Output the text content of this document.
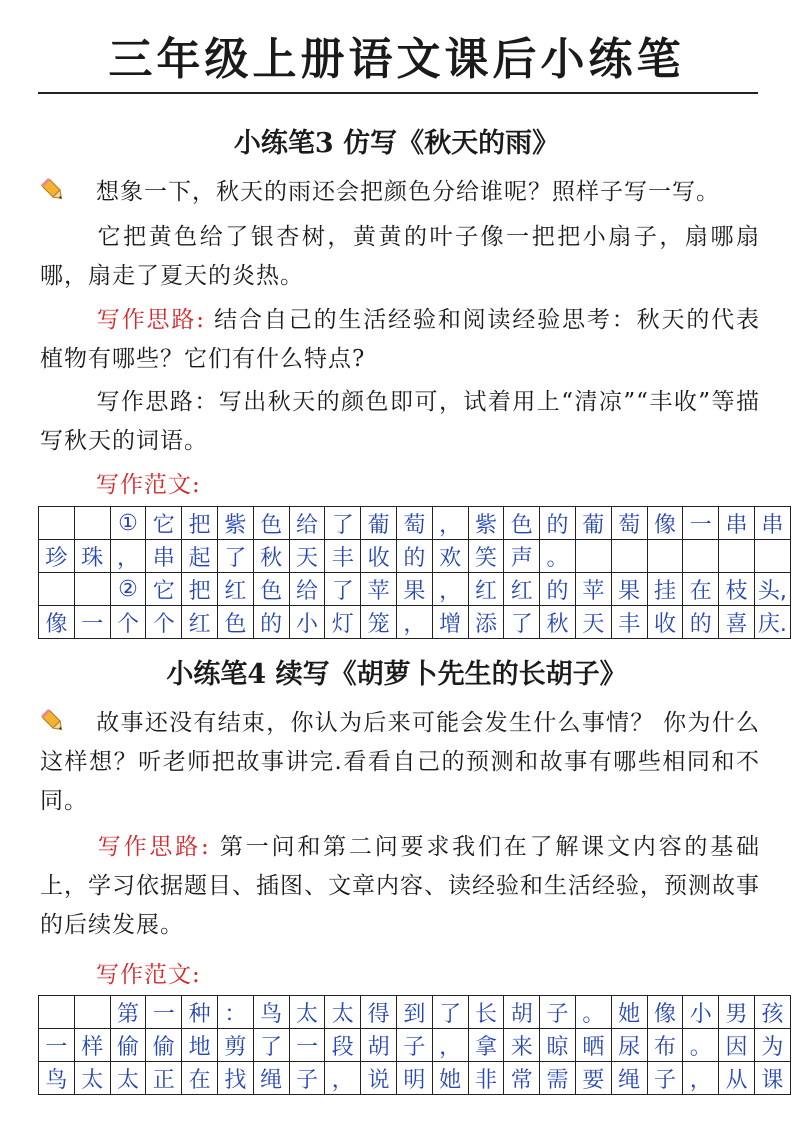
三年级上册语文课后小练笔
小练笔3 仿写《秋天的雨》

想象一下，秋天的雨还会把颜色分给谁呢？照样子写一写。

它把黄色给了银杏树，黄黄的叶子像一把把小扇子，扇哪扇哪，扇走了夏天的炎热。

写作思路: 结合自己的生活经验和阅读经验思考：秋天的代表植物有哪些？它们有什么特点?

写作思路：写出秋天的颜色即可，试着用上“清凉”“丰收”等描写秋天的词语。

写作范文:

		①	它	把	紫	色	给	了	葡	萄	，	紫	色	的	葡	萄	像	一	串	串
珍	珠	，	串	起	了	秋	天	丰	收	的	欢	笑	声	。						
		②	它	把	红	色	给	了	苹	果	，	红	红	的	苹	果	挂	在	枝	头,
像	一	个	个	红	色	的	小	灯	笼	，	增	添	了	秋	天	丰	收	的	喜	庆.
小练笔4 续写《胡萝卜先生的长胡子》

故事还没有结束，你认为后来可能会发生什么事情？ 你为什么这样想？听老师把故事讲完.看看自己的预测和故事有哪些相同和不同。

写作思路: 第一问和第二问要求我们在了解课文内容的基础上，学习依据题目、插图、文章内容、读经验和生活经验，预测故事的后续发展。

写作范文:

		第	一	种	：	鸟	太	太	得	到	了	长	胡	子	。	她	像	小	男	孩
一	样	偷	偷	地	剪	了	一	段	胡	子	，	拿	来	晾	晒	尿	布	。	因	为
鸟	太	太	正	在	找	绳	子	，	说	明	她	非	常	需	要	绳	子	，	从	课
